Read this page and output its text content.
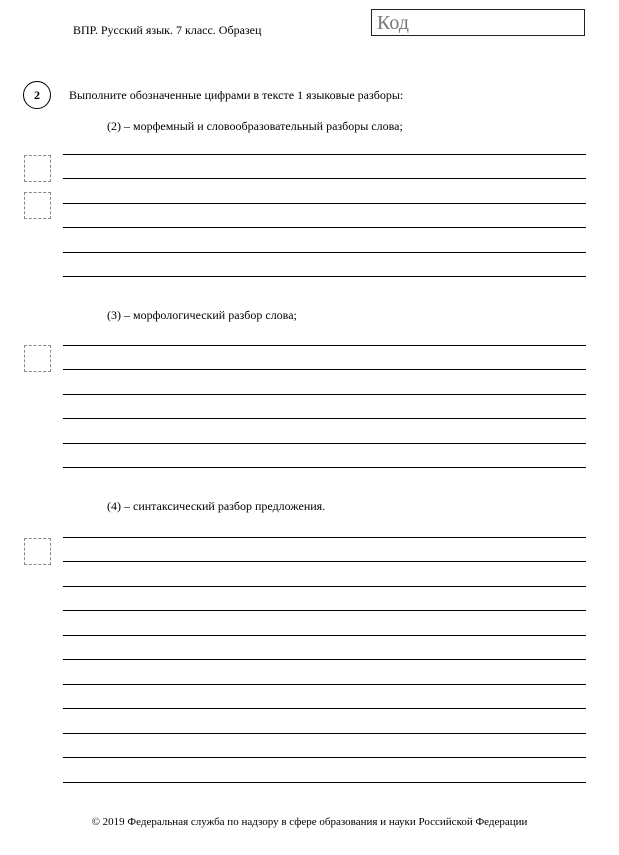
ВПР. Русский язык. 7 класс. Образец	Код
2	Выполните обозначенные цифрами в тексте 1 языковые разборы:
(2) – морфемный и словообразовательный разборы слова;
(3) – морфологический разбор слова;
(4) – синтаксический разбор предложения.
© 2019 Федеральная служба по надзору в сфере образования и науки Российской Федерации
